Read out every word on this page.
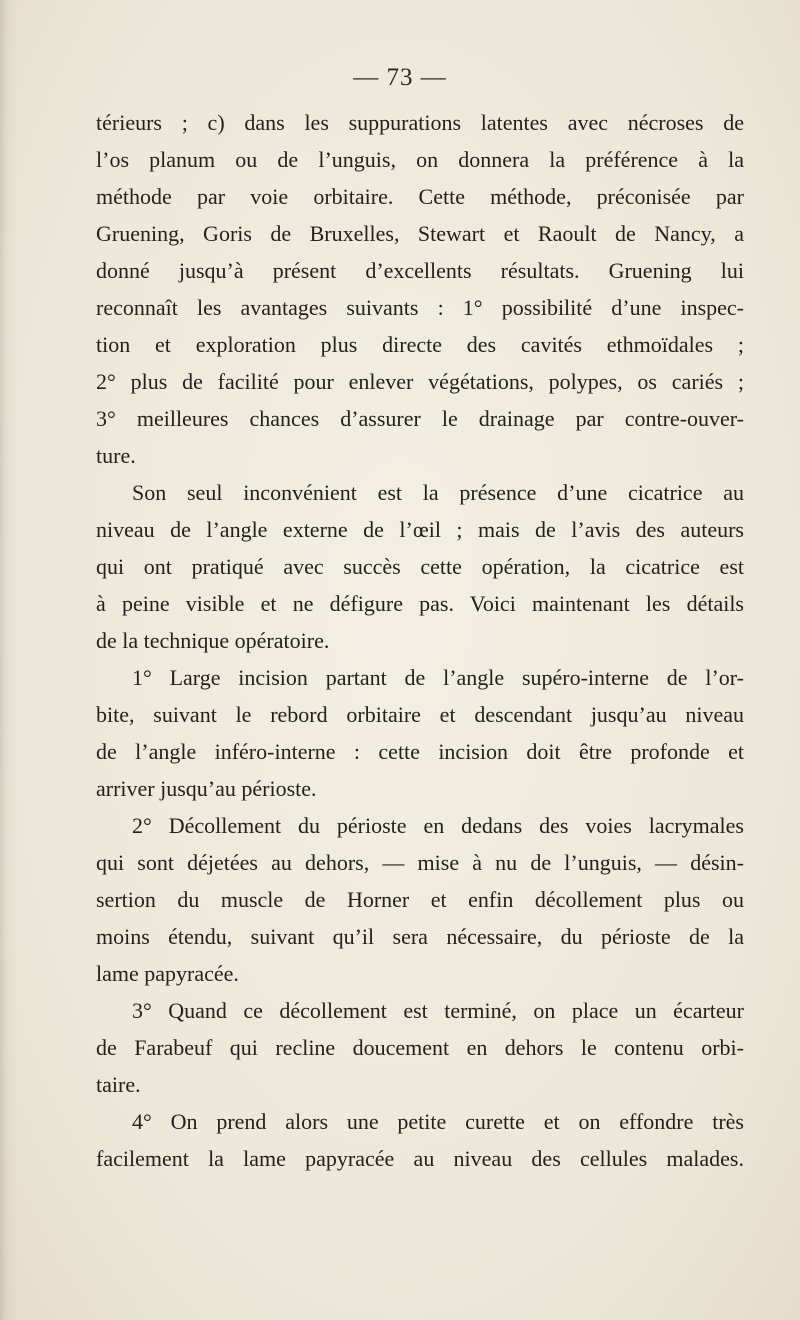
— 73 —
térieurs ; c) dans les suppurations latentes avec nécroses de
l’os planum ou de l’unguis, on donnera la préférence à la
méthode par voie orbitaire. Cette méthode, préconisée par
Gruening, Goris de Bruxelles, Stewart et Raoult de Nancy, a
donné jusqu’à présent d’excellents résultats. Gruening lui
reconnaît les avantages suivants : 1° possibilité d’une inspec-
tion et exploration plus directe des cavités ethmoïdales ;
2° plus de facilité pour enlever végétations, polypes, os cariés ;
3° meilleures chances d’assurer le drainage par contre-ouver-
ture.
Son seul inconvénient est la présence d’une cicatrice au
niveau de l’angle externe de l’œil ; mais de l’avis des auteurs
qui ont pratiqué avec succès cette opération, la cicatrice est
à peine visible et ne défigure pas. Voici maintenant les détails
de la technique opératoire.
1° Large incision partant de l’angle supéro-interne de l’or-
bite, suivant le rebord orbitaire et descendant jusqu’au niveau
de l’angle inféro-interne : cette incision doit être profonde et
arriver jusqu’au périoste.
2° Décollement du périoste en dedans des voies lacrymales
qui sont déjetées au dehors, — mise à nu de l’unguis, — désin-
sertion du muscle de Horner et enfin décollement plus ou
moins étendu, suivant qu’il sera nécessaire, du périoste de la
lame papyracée.
3° Quand ce décollement est terminé, on place un écarteur
de Farabeuf qui recline doucement en dehors le contenu orbi-
taire.
4° On prend alors une petite curette et on effondre très
facilement la lame papyracée au niveau des cellules malades.
